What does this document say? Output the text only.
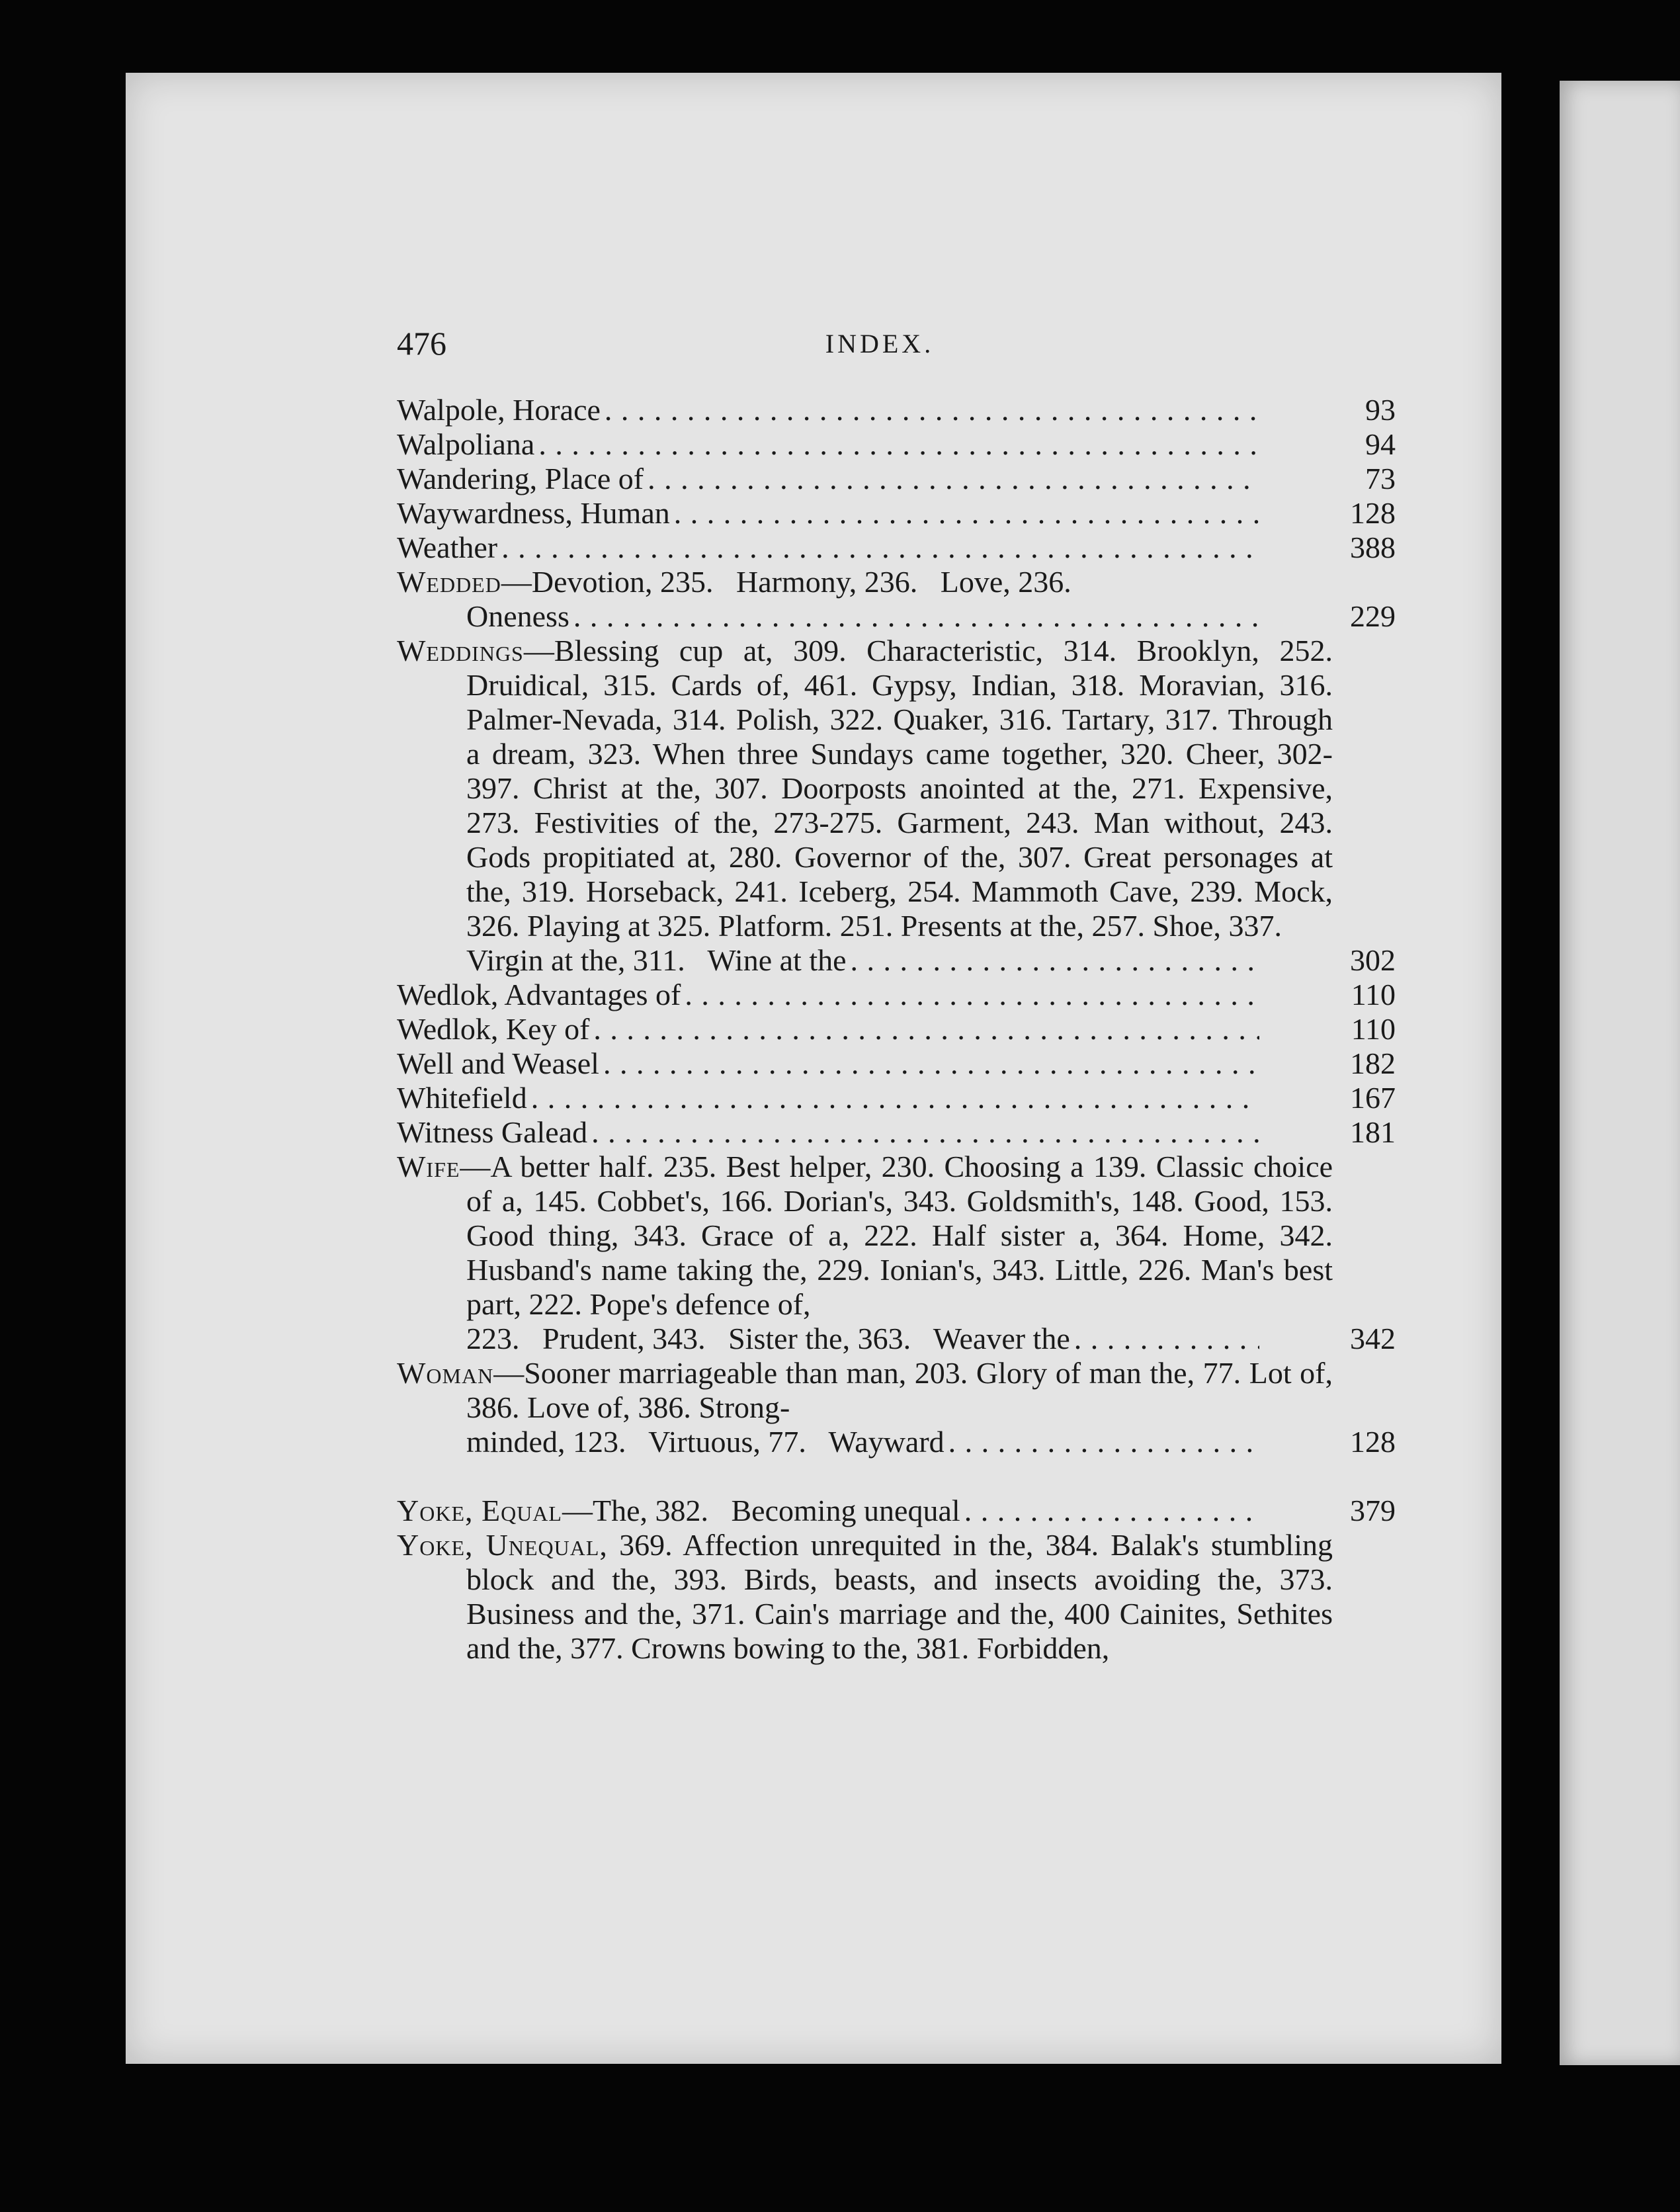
476	INDEX.
Walpole, Horace . . .	93
Walpoliana . . .	94
Wandering, Place of . . .	73
Waywardness, Human . . .	128
Weather . . .	388
Wedded—Devotion, 235.   Harmony, 236.   Love, 236.
Oneness . . .	229
Weddings—Blessing cup at, 309. Characteristic, 314. Brooklyn, 252. Druidical, 315. Cards of, 461. Gypsy, Indian, 318. Moravian, 316. Palmer-Nevada, 314. Polish, 322. Quaker, 316. Tartary, 317. Through a dream, 323. When three Sundays came together, 320. Cheer, 302-397. Christ at the, 307. Doorposts anointed at the, 271. Expensive, 273. Festivities of the, 273-275. Garment, 243. Man without, 243. Gods propitiated at, 280. Governor of the, 307. Great personages at the, 319. Horseback, 241. Iceberg, 254. Mammoth Cave, 239. Mock, 326. Playing at 325. Platform. 251. Presents at the, 257. Shoe, 337.
Virgin at the, 311.   Wine at the . . .	302
Wedlok, Advantages of . . .	110
Wedlok, Key of . . .	110
Well and Weasel . . .	182
Whitefield . . .	167
Witness Galead . . .	181
Wife—A better half. 235. Best helper, 230. Choosing a 139. Classic choice of a, 145. Cobbet's, 166. Dorian's, 343. Goldsmith's, 148. Good, 153. Good thing, 343. Grace of a, 222. Half sister a, 364. Home, 342. Husband's name taking the, 229. Ionian's, 343. Little, 226. Man's best part, 222. Pope's defence of,
223.   Prudent, 343.   Sister the, 363.   Weaver the . . .	342
Woman—Sooner marriageable than man, 203. Glory of man the, 77. Lot of, 386. Love of, 386. Strong-
minded, 123.   Virtuous, 77.   Wayward . . .	128
Yoke, Equal—The, 382.   Becoming unequal . . .	379
Yoke, Unequal, 369. Affection unrequited in the, 384. Balak's stumbling block and the, 393. Birds, beasts, and insects avoiding the, 373. Business and the, 371. Cain's marriage and the, 400 Cainites, Sethites and the, 377. Crowns bowing to the, 381. Forbidden,
